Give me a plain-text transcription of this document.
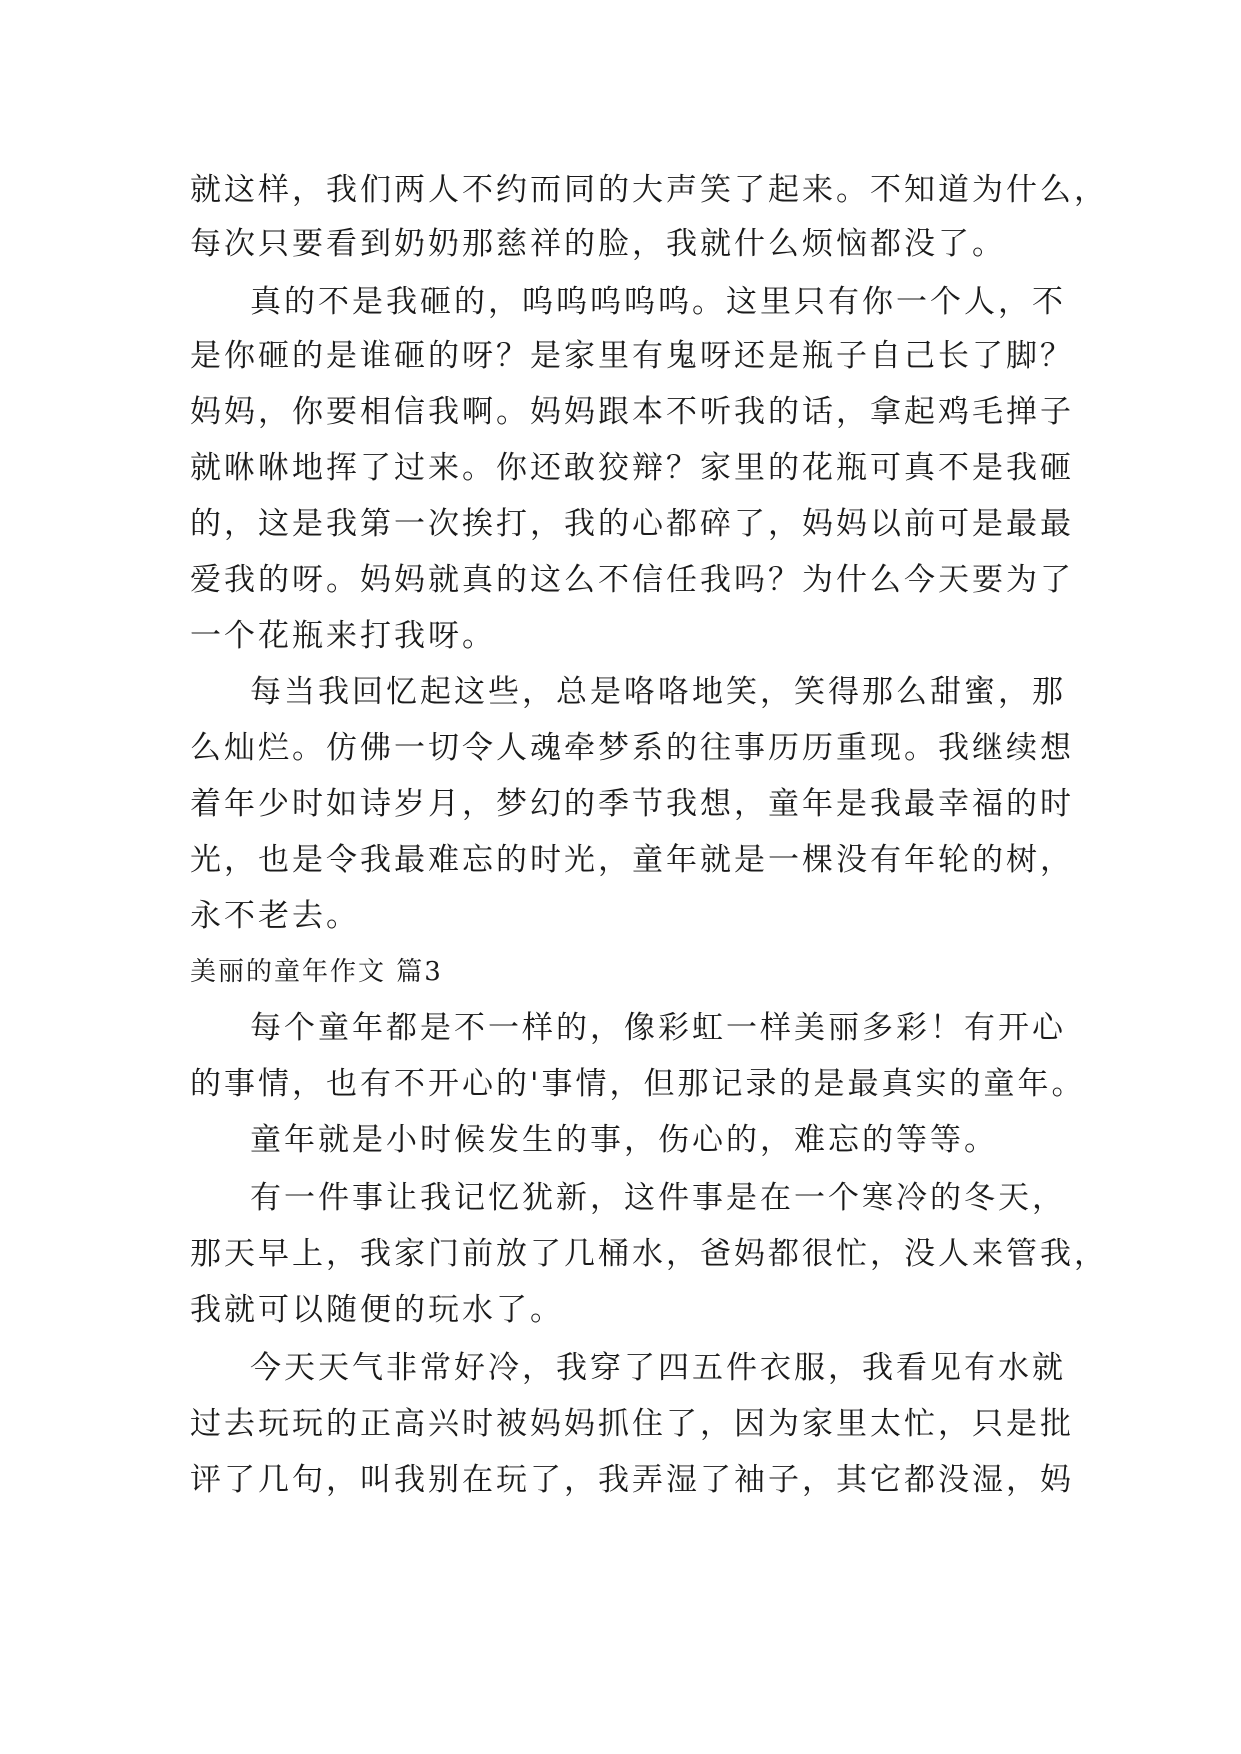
就这样，我们两人不约而同的大声笑了起来。不知道为什么，
每次只要看到奶奶那慈祥的脸，我就什么烦恼都没了。
真的不是我砸的，呜呜呜呜呜。这里只有你一个人，不
是你砸的是谁砸的呀？是家里有鬼呀还是瓶子自己长了脚？
妈妈，你要相信我啊。妈妈跟本不听我的话，拿起鸡毛掸子
就咻咻地挥了过来。你还敢狡辩？家里的花瓶可真不是我砸
的，这是我第一次挨打，我的心都碎了，妈妈以前可是最最
爱我的呀。妈妈就真的这么不信任我吗？为什么今天要为了
一个花瓶来打我呀。
每当我回忆起这些，总是咯咯地笑，笑得那么甜蜜，那
么灿烂。仿佛一切令人魂牵梦系的往事历历重现。我继续想
着年少时如诗岁月，梦幻的季节我想，童年是我最幸福的时
光，也是令我最难忘的时光，童年就是一棵没有年轮的树，
永不老去。
美丽的童年作文 篇3
每个童年都是不一样的，像彩虹一样美丽多彩！有开心
的事情，也有不开心的'事情，但那记录的是最真实的童年。
童年就是小时候发生的事，伤心的，难忘的等等。
有一件事让我记忆犹新，这件事是在一个寒冷的冬天，
那天早上，我家门前放了几桶水，爸妈都很忙，没人来管我，
我就可以随便的玩水了。
今天天气非常好冷，我穿了四五件衣服，我看见有水就
过去玩玩的正高兴时被妈妈抓住了，因为家里太忙，只是批
评了几句，叫我别在玩了，我弄湿了袖子，其它都没湿，妈
